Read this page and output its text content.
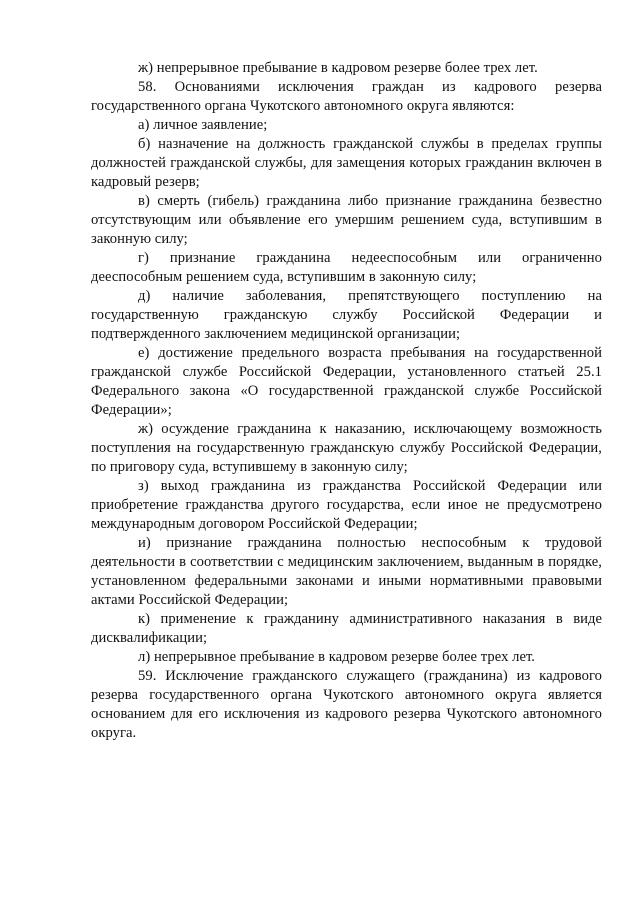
ж) непрерывное пребывание в кадровом резерве более трех лет.

58. Основаниями исключения граждан из кадрового резерва государственного органа Чукотского автономного округа являются:

а) личное заявление;

б) назначение на должность гражданской службы в пределах группы должностей гражданской службы, для замещения которых гражданин включен в кадровый резерв;

в) смерть (гибель) гражданина либо признание гражданина безвестно отсутствующим или объявление его умершим решением суда, вступившим в законную силу;

г) признание гражданина недееспособным или ограниченно дееспособным решением суда, вступившим в законную силу;

д) наличие заболевания, препятствующего поступлению на государственную гражданскую службу Российской Федерации и подтвержденного заключением медицинской организации;

е) достижение предельного возраста пребывания на государственной гражданской службе Российской Федерации, установленного статьей 25.1 Федерального закона «О государственной гражданской службе Российской Федерации»;

ж) осуждение гражданина к наказанию, исключающему возможность поступления на государственную гражданскую службу Российской Федерации, по приговору суда, вступившему в законную силу;

з) выход гражданина из гражданства Российской Федерации или приобретение гражданства другого государства, если иное не предусмотрено международным договором Российской Федерации;

и) признание гражданина полностью неспособным к трудовой деятельности в соответствии с медицинским заключением, выданным в порядке, установленном федеральными законами и иными нормативными правовыми актами Российской Федерации;

к) применение к гражданину административного наказания в виде дисквалификации;

л) непрерывное пребывание в кадровом резерве более трех лет.

59. Исключение гражданского служащего (гражданина) из кадрового резерва государственного органа Чукотского автономного округа является основанием для его исключения из кадрового резерва Чукотского автономного округа.
